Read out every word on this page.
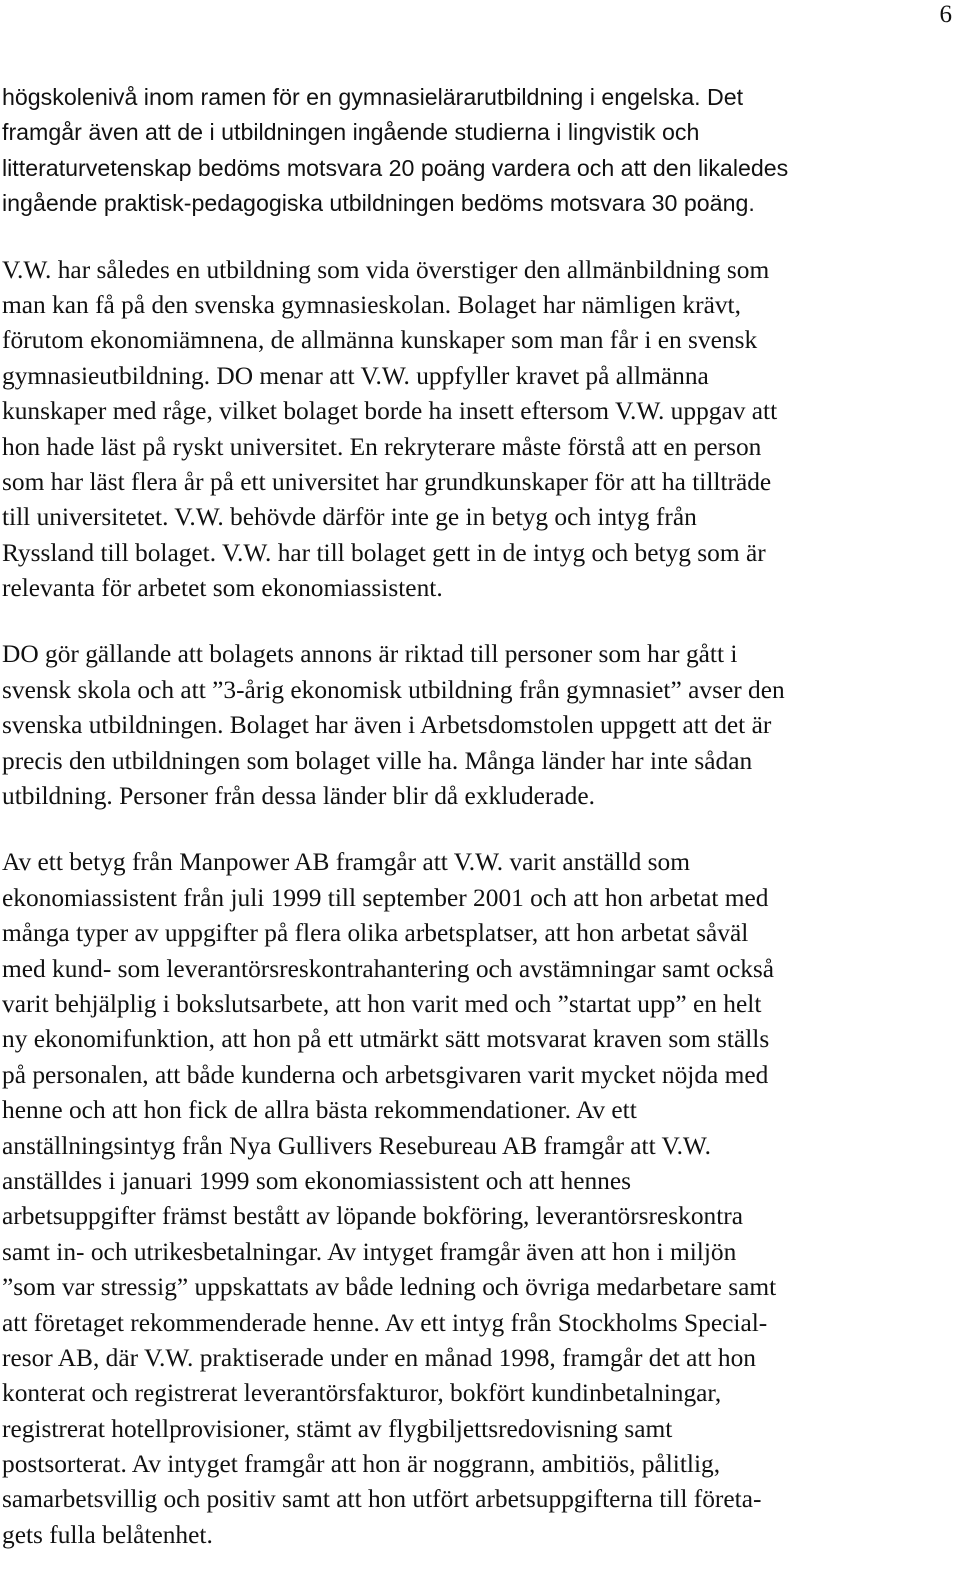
6
högskolenivå inom ramen för en gymnasielärarutbildning i engelska. Det
framgår även att de i utbildningen ingående studierna i lingvistik och
litteraturvetenskap bedöms motsvara 20 poäng vardera och att den likaledes
ingående praktisk-pedagogiska utbildningen bedöms motsvara 30 poäng.
V.W. har således en utbildning som vida överstiger den allmänbildning som
man kan få på den svenska gymnasieskolan. Bolaget har nämligen krävt,
förutom ekonomiämnena, de allmänna kunskaper som man får i en svensk
gymnasieutbildning. DO menar att V.W. uppfyller kravet på allmänna
kunskaper med råge, vilket bolaget borde ha insett eftersom V.W. uppgav att
hon hade läst på ryskt universitet. En rekryterare måste förstå att en person
som har läst flera år på ett universitet har grundkunskaper för att ha tillträde
till universitetet. V.W. behövde därför inte ge in betyg och intyg från
Ryssland till bolaget. V.W. har till bolaget gett in de intyg och betyg som är
relevanta för arbetet som ekonomiassistent.
DO gör gällande att bolagets annons är riktad till personer som har gått i
svensk skola och att ”3-årig ekonomisk utbildning från gymnasiet” avser den
svenska utbildningen. Bolaget har även i Arbetsdomstolen uppgett att det är
precis den utbildningen som bolaget ville ha. Många länder har inte sådan
utbildning. Personer från dessa länder blir då exkluderade.
Av ett betyg från Manpower AB framgår att V.W. varit anställd som
ekonomiassistent från juli 1999 till september 2001 och att hon arbetat med
många typer av uppgifter på flera olika arbetsplatser, att hon arbetat såväl
med kund- som leverantörsreskontrahantering och avstämningar samt också
varit behjälplig i bokslutsarbete, att hon varit med och ”startat upp” en helt
ny ekonomifunktion, att hon på ett utmärkt sätt motsvarat kraven som ställs
på personalen, att både kunderna och arbetsgivaren varit mycket nöjda med
henne och att hon fick de allra bästa rekommendationer. Av ett
anställningsintyg från Nya Gullivers Resebureau AB framgår att V.W.
anställdes i januari 1999 som ekonomiassistent och att hennes
arbetsuppgifter främst bestått av löpande bokföring, leverantörsreskontra
samt in- och utrikesbetalningar. Av intyget framgår även att hon i miljön
”som var stressig” uppskattats av både ledning och övriga medarbetare samt
att företaget rekommenderade henne. Av ett intyg från Stockholms Special-
resor AB, där V.W. praktiserade under en månad 1998, framgår det att hon
konterat och registrerat leverantörsfakturor, bokfört kundinbetalningar,
registrerat hotellprovisioner, stämt av flygbiljettsredovisning samt
postsorterat. Av intyget framgår att hon är noggrann, ambitiös, pålitlig,
samarbetsvillig och positiv samt att hon utfört arbetsuppgifterna till företa-
gets fulla belåtenhet.
